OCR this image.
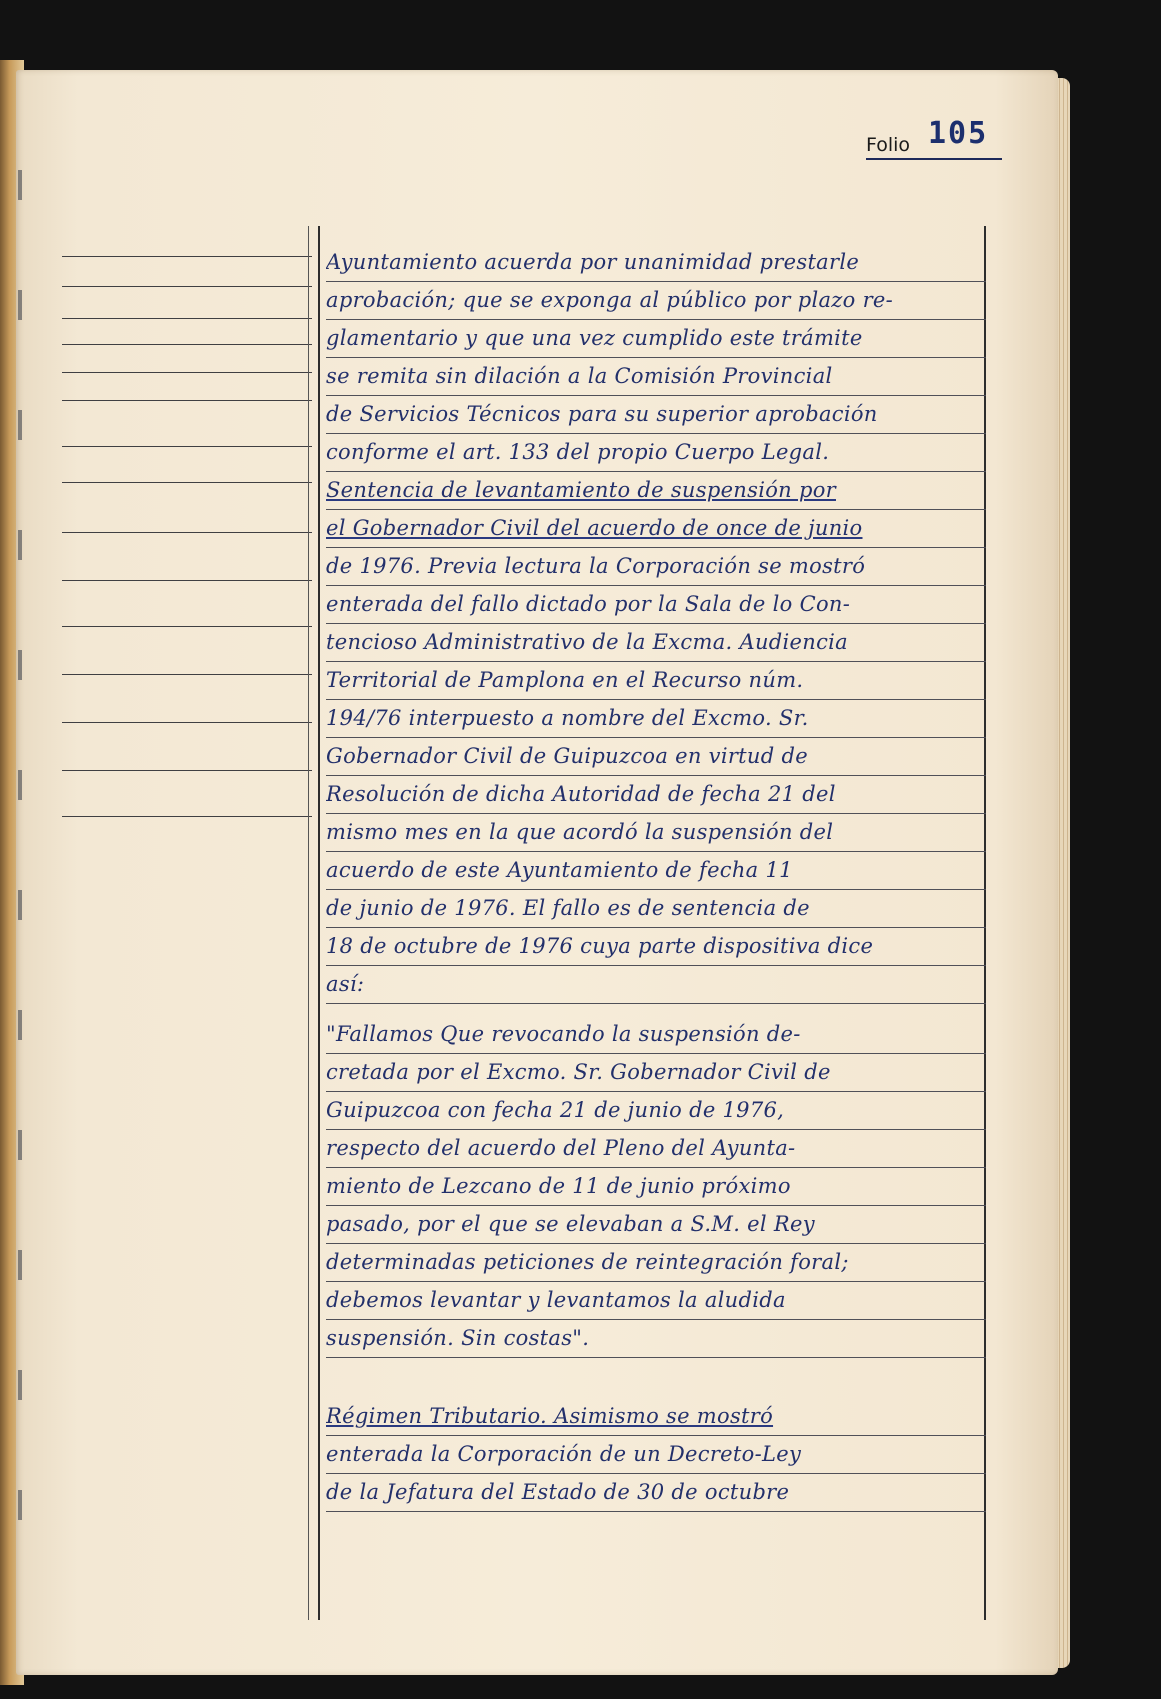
Folio 105
Ayuntamiento acuerda por unanimidad prestarle
aprobación; que se exponga al público por plazo re-
glamentario y que una vez cumplido este trámite
se remita sin dilación a la Comisión Provincial
de Servicios Técnicos para su superior aprobación
conforme el art. 133 del propio Cuerpo Legal.
Sentencia de levantamiento de suspensión por
el Gobernador Civil del acuerdo de once de junio
de 1976. Previa lectura la Corporación se mostró
enterada del fallo dictado por la Sala de lo Con-
tencioso Administrativo de la Excma. Audiencia
Territorial de Pamplona en el Recurso núm.
194/76 interpuesto a nombre del Excmo. Sr.
Gobernador Civil de Guipuzcoa en virtud de
Resolución de dicha Autoridad de fecha 21 del
mismo mes en la que acordó la suspensión del
acuerdo de este Ayuntamiento de fecha 11
de junio de 1976. El fallo es de sentencia de
18 de octubre de 1976 cuya parte dispositiva dice
así:
"Fallamos Que revocando la suspensión de-
cretada por el Excmo. Sr. Gobernador Civil de
Guipuzcoa con fecha 21 de junio de 1976,
respecto del acuerdo del Pleno del Ayunta-
miento de Lezcano de 11 de junio próximo
pasado, por el que se elevaban a S.M. el Rey
determinadas peticiones de reintegración foral;
debemos levantar y levantamos la aludida
suspensión. Sin costas".
Régimen Tributario. Asimismo se mostró
enterada la Corporación de un Decreto-Ley
de la Jefatura del Estado de 30 de octubre
